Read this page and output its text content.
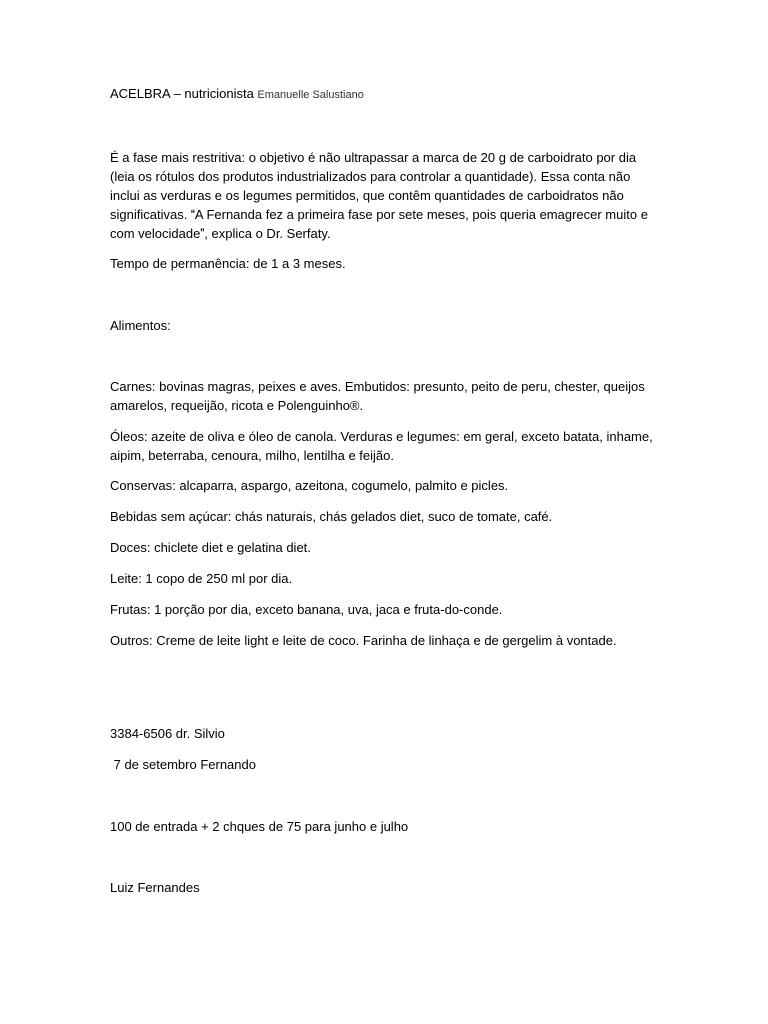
ACELBRA – nutricionista Emanuelle Salustiano
É a fase mais restritiva: o objetivo é não ultrapassar a marca de 20 g de carboidrato por dia
(leia os rótulos dos produtos industrializados para controlar a quantidade). Essa conta não
inclui as verduras e os legumes permitidos, que contêm quantidades de carboidratos não
significativas. A Fernanda fez a primeira fase por sete meses, pois queria emagrecer muito e
com velocidade, explica o Dr. Serfaty.
Tempo de permanência: de 1 a 3 meses.
Alimentos:
Carnes: bovinas magras, peixes e aves. Embutidos: presunto, peito de peru, chester, queijos
amarelos, requeijão, ricota e Polenguinho®.
Óleos: azeite de oliva e óleo de canola. Verduras e legumes: em geral, exceto batata, inhame,
aipim, beterraba, cenoura, milho, lentilha e feijão.
Conservas: alcaparra, aspargo, azeitona, cogumelo, palmito e picles.
Bebidas sem açúcar: chás naturais, chás gelados diet, suco de tomate, café.
Doces: chiclete diet e gelatina diet.
Leite: 1 copo de 250 ml por dia.
Frutas: 1 porção por dia, exceto banana, uva, jaca e fruta-do-conde.
Outros: Creme de leite light e leite de coco. Farinha de linhaça e de gergelim à vontade.
3384-6506 dr. Silvio
7 de setembro Fernando
100 de entrada + 2 chques de 75 para junho e julho
Luiz Fernandes
